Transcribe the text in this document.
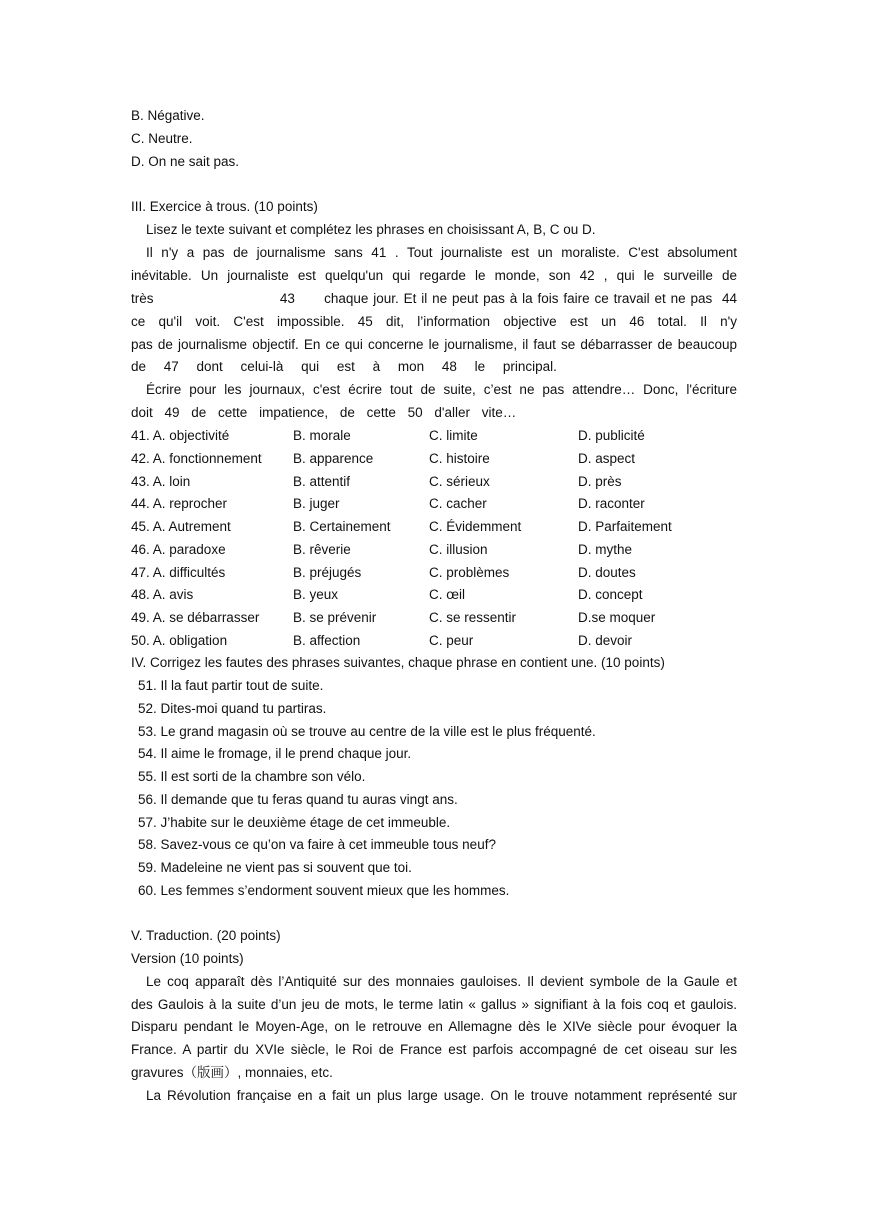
B. Négative.
C. Neutre.
D. On ne sait pas.
III. Exercice à trous. (10 points)
Lisez le texte suivant et complétez les phrases en choisissant A, B, C ou D.
Il n'y a pas de journalisme sans 41 . Tout journaliste est un moraliste. C'est absolument
inévitable. Un journaliste est quelqu'un qui regarde le monde, son 42 , qui le surveille de
très                          43      chaque jour. Et il ne peut pas à la fois faire ce travail et ne pas  44
ce qu'il voit. C'est impossible. 45 dit, l’information objective est un 46 total. Il n'y
pas de journalisme objectif. En ce qui concerne le journalisme, il faut se débarrasser de beaucoup
de 47 dont celui-là qui est à mon 48 le principal.
Écrire pour les journaux, c'est écrire tout de suite, c’est ne pas attendre… Donc, l'écriture
doit 49 de cette impatience, de cette 50 d'aller vite…
41. A. objectivité	B. morale	C. limite	D. publicité
42. A. fonctionnement B. apparence	C. histoire	D. aspect
43. A. loin	B. attentif	C. sérieux	D. près
44. A. reprocher	B. juger	C. cacher	D. raconter
45. A. Autrement	B. Certainement	C. Évidemment	D. Parfaitement
46. A. paradoxe	B. rêverie	C. illusion	D. mythe
47. A. difficultés	B. préjugés	C. problèmes	D. doutes
48. A. avis	B. yeux	C. œil	D. concept
49. A. se débarrasser B. se prévenir	C. se ressentir	D.se moquer
50. A. obligation	B. affection	C. peur	D. devoir
IV. Corrigez les fautes des phrases suivantes, chaque phrase en contient une. (10 points)
51. Il la faut partir tout de suite.
52. Dites-moi quand tu partiras.
53. Le grand magasin où se trouve au centre de la ville est le plus fréquenté.
54. Il aime le fromage, il le prend chaque jour.
55. Il est sorti de la chambre son vélo.
56. Il demande que tu feras quand tu auras vingt ans.
57. J’habite sur le deuxième étage de cet immeuble.
58. Savez-vous ce qu’on va faire à cet immeuble tous neuf?
59. Madeleine ne vient pas si souvent que toi.
60. Les femmes s’endorment souvent mieux que les hommes.
V. Traduction. (20 points)
Version (10 points)
Le coq apparaît dès l’Antiquité sur des monnaies gauloises. Il devient symbole de la Gaule et
des Gaulois à la suite d’un jeu de mots, le terme latin « gallus » signifiant à la fois coq et gaulois.
Disparu pendant le Moyen-Age, on le retrouve en Allemagne dès le XIVe siècle pour évoquer la
France. A partir du XVIe siècle, le Roi de France est parfois accompagné de cet oiseau sur les
gravures（版画）, monnaies, etc.
La Révolution française en a fait un plus large usage. On le trouve notamment représenté sur
